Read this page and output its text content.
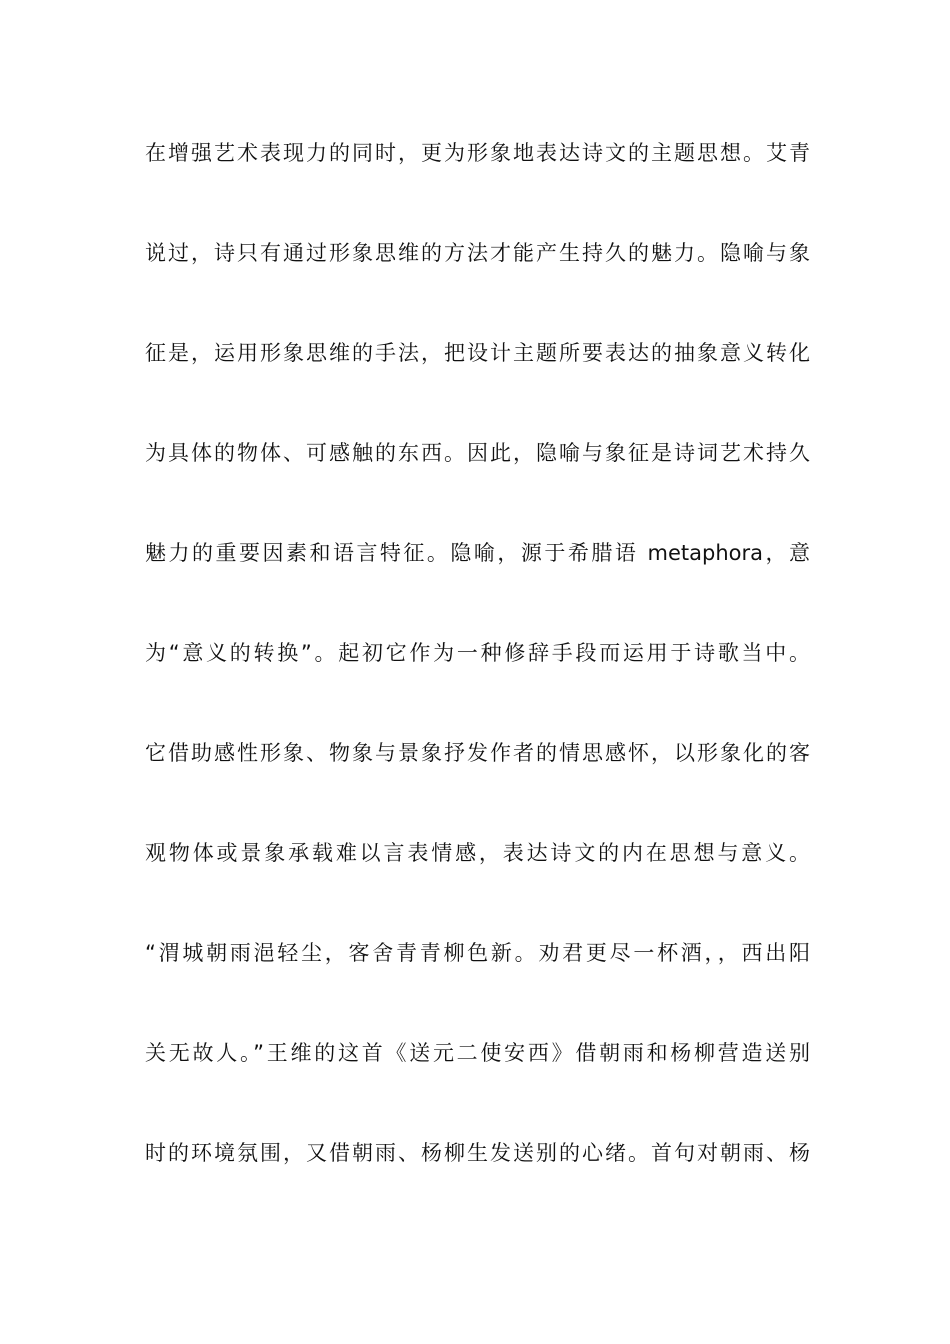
在增强艺术表现力的同时，更为形象地表达诗文的主题思想。艾青
说过，诗只有通过形象思维的方法才能产生持久的魅力。隐喻与象
征是，运用形象思维的手法，把设计主题所要表达的抽象意义转化
为具体的物体、可感触的东西。因此，隐喻与象征是诗词艺术持久
魅力的重要因素和语言特征。隐喻，源于希腊语 metaphora，意
为“意义的转换”。起初它作为一种修辞手段而运用于诗歌当中。
它借助感性形象、物象与景象抒发作者的情思感怀，以形象化的客
观物体或景象承载难以言表情感，表达诗文的内在思想与意义。
“渭城朝雨浥轻尘，客舍青青柳色新。劝君更尽一杯酒，，西出阳
关无故人。”王维的这首《送元二使安西》借朝雨和杨柳营造送别
时的环境氛围，又借朝雨、杨柳生发送别的心绪。首句对朝雨、杨
